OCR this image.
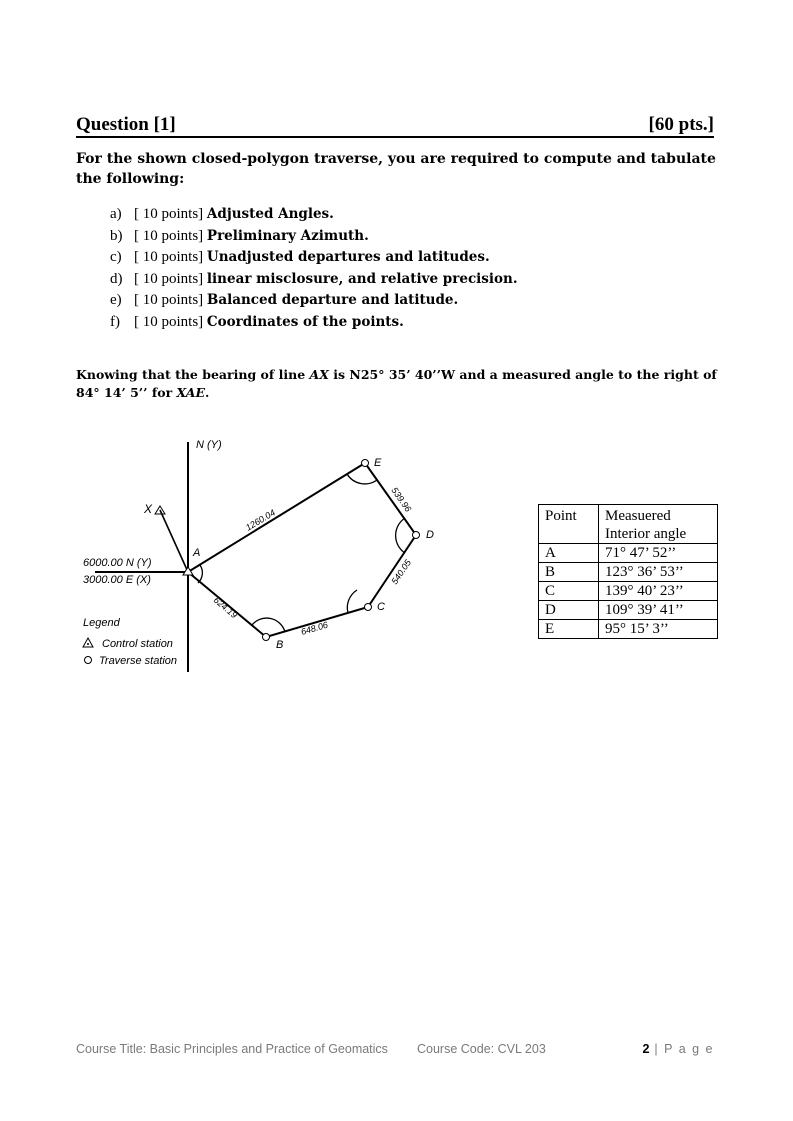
Question [1]	[60 pts.]
For the shown closed-polygon traverse, you are required to compute and tabulate the following:
a) [ 10 points] Adjusted Angles.
b) [ 10 points] Preliminary Azimuth.
c) [ 10 points] Unadjusted departures and latitudes.
d) [ 10 points] linear misclosure, and relative precision.
e) [ 10 points] Balanced departure and latitude.
f) [ 10 points] Coordinates of the points.
Knowing that the bearing of line AX is N25° 35’ 40’’W and a measured angle to the right of 84° 14’ 5’’ for XAE.
N (Y)
X
A
E
D
C
B
1260.04
539.96
540.05
648.06
624.19
6000.00 N (Y)
3000.00 E (X)
Legend
Control station
Traverse station
Point	Measuered Interior angle
A	71° 47’ 52’’
B	123° 36’ 53’’
C	139° 40’ 23’’
D	109° 39’ 41’’
E	95° 15’ 3’’
Course Title: Basic Principles and Practice of Geomatics Course Code: CVL 203	2 | P a g e
